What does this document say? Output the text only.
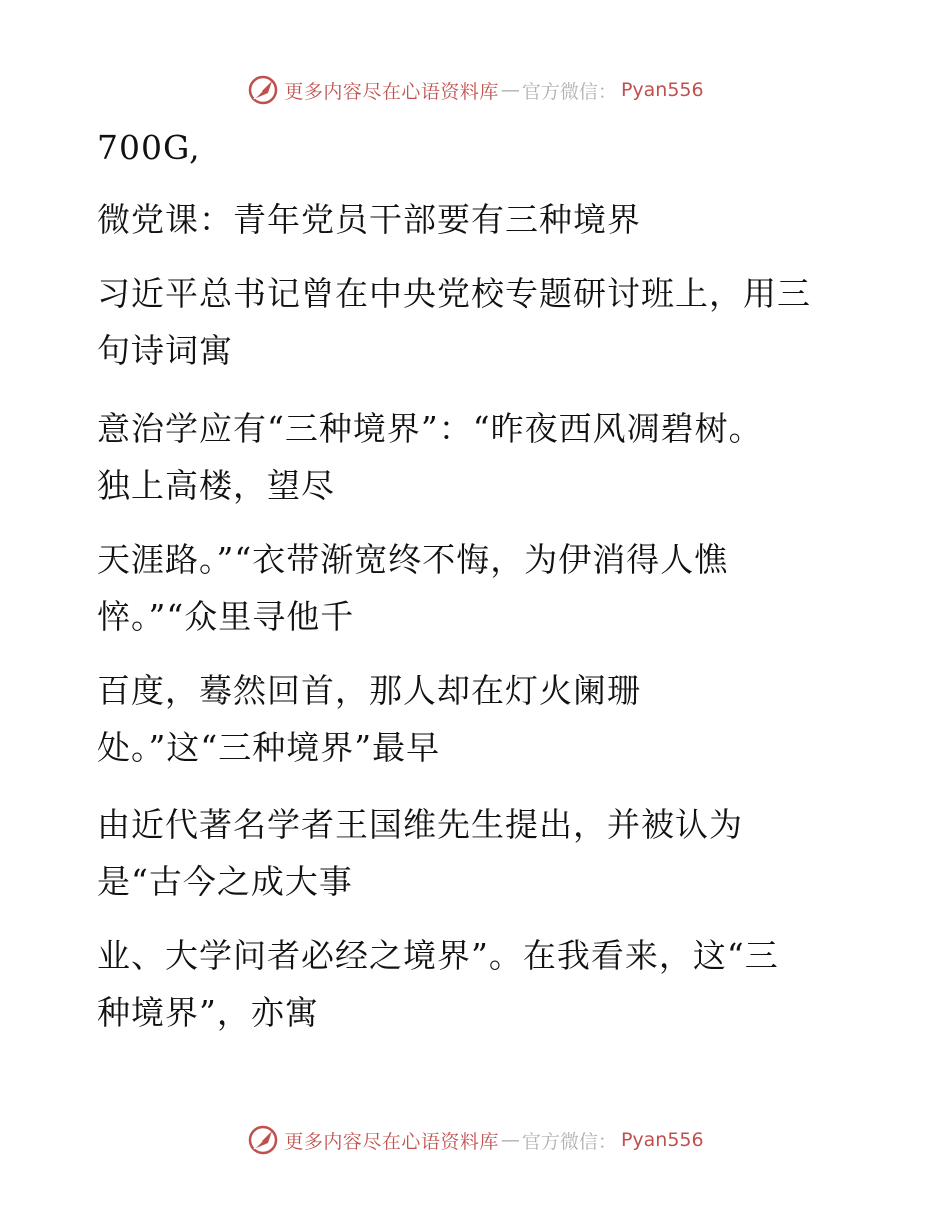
更多内容尽在心语资料库 — 官方微信： Pyan556

700G,

微党课：青年党员干部要有三种境界

习近平总书记曾在中央党校专题研讨班上，用三

句诗词寓

意治学应有“三种境界”：“昨夜西风凋碧树。

独上高楼，望尽

天涯路。”“衣带渐宽终不悔，为伊消得人憔

悴。”“众里寻他千

百度，蓦然回首，那人却在灯火阑珊

处。”这“三种境界”最早

由近代著名学者王国维先生提出，并被认为

是“古今之成大事

业、大学问者必经之境界”。在我看来，这“三

种境界”，亦寓

更多内容尽在心语资料库 — 官方微信： Pyan556
